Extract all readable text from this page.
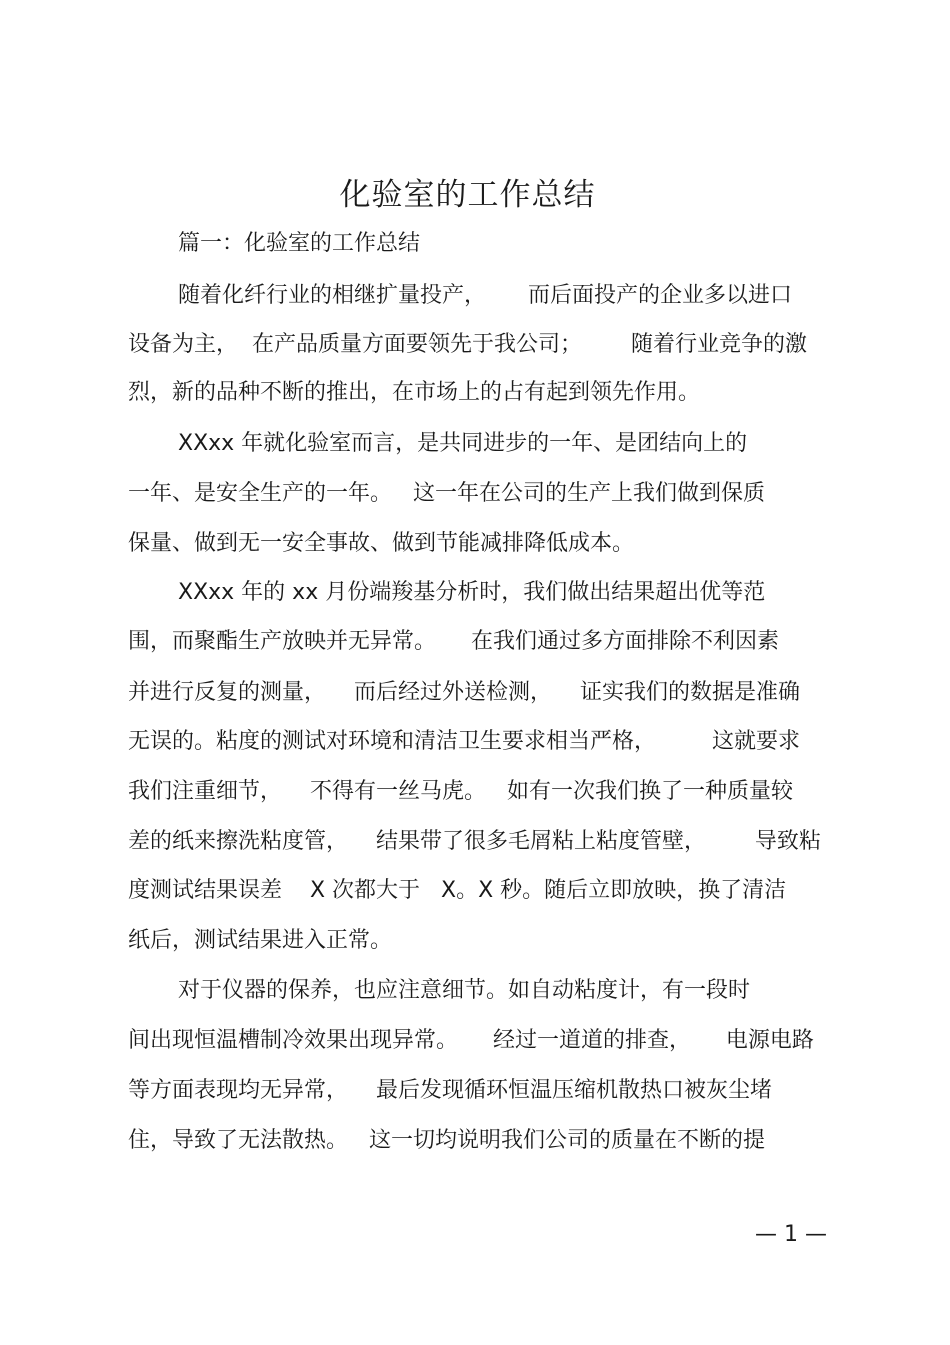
化验室的工作总结
篇一：化验室的工作总结
随着化纤行业的相继扩量投产，      而后面投产的企业多以进口
设备为主，  在产品质量方面要领先于我公司；       随着行业竞争的激
烈，新的品种不断的推出，在市场上的占有起到领先作用。
XXxx 年就化验室而言，是共同进步的一年、是团结向上的
一年、是安全生产的一年。   这一年在公司的生产上我们做到保质
保量、做到无一安全事故、做到节能减排降低成本。
XXxx 年的 xx 月份端羧基分析时，我们做出结果超出优等范
围，而聚酯生产放映并无异常。     在我们通过多方面排除不利因素
并进行反复的测量，    而后经过外送检测，    证实我们的数据是准确
无误的。粘度的测试对环境和清洁卫生要求相当严格，        这就要求
我们注重细节，    不得有一丝马虎。   如有一次我们换了一种质量较
差的纸来擦洗粘度管，    结果带了很多毛屑粘上粘度管壁，       导致粘
度测试结果误差    X 次都大于   X。X 秒。随后立即放映，换了清洁
纸后，测试结果进入正常。
对于仪器的保养，也应注意细节。如自动粘度计，有一段时
间出现恒温槽制冷效果出现异常。     经过一道道的排查，     电源电路
等方面表现均无异常，    最后发现循环恒温压缩机散热口被灰尘堵
住，导致了无法散热。   这一切均说明我们公司的质量在不断的提
— 1 —
